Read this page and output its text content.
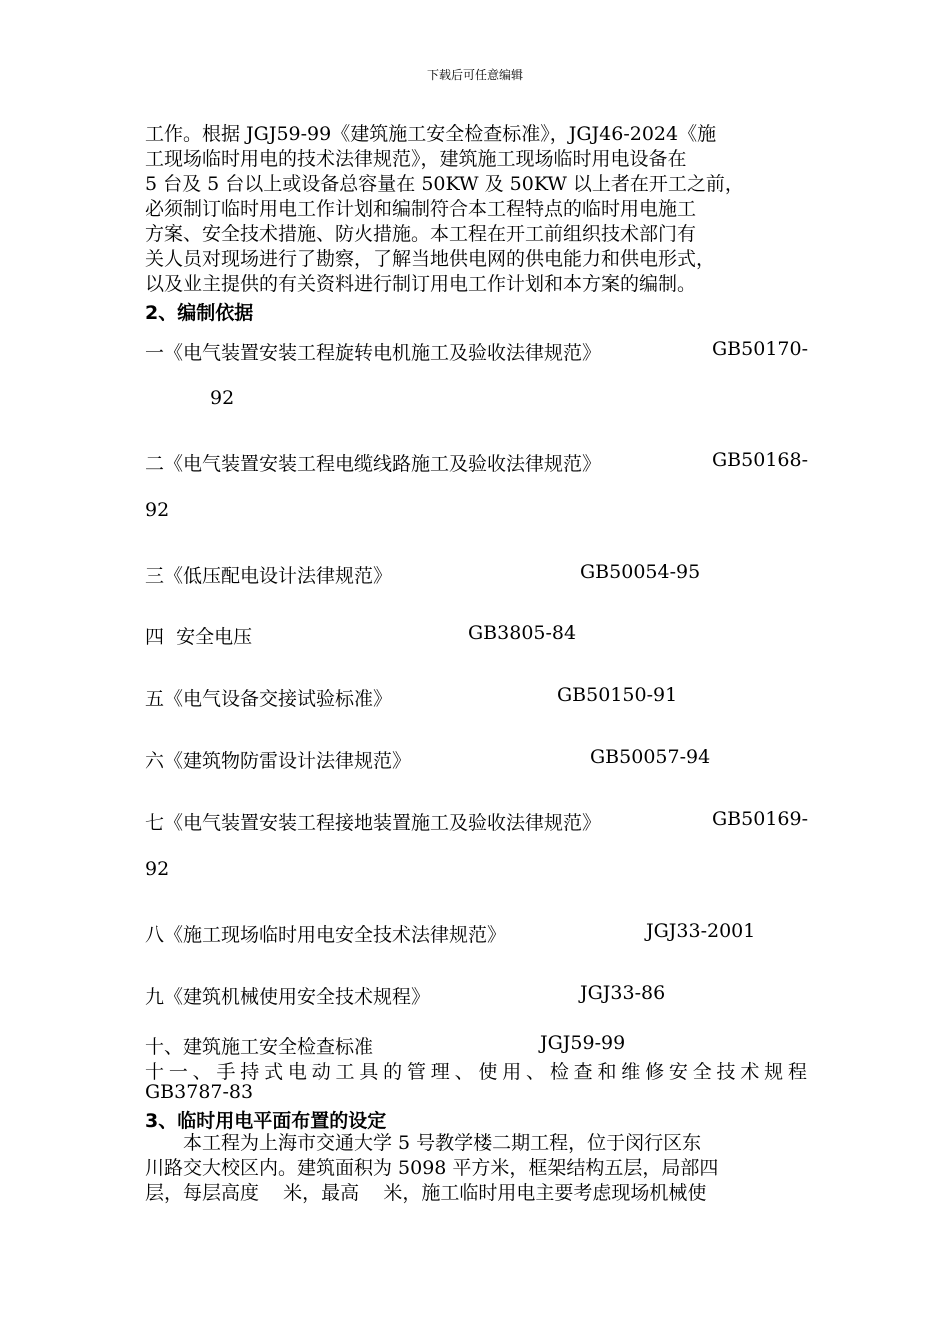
下载后可任意编辑

工作。根据 JGJ59-99《建筑施工安全检查标准》，JGJ46-2024《施
工现场临时用电的技术法律规范》，建筑施工现场临时用电设备在
5 台及 5 台以上或设备总容量在 50KW 及 50KW 以上者在开工之前，
必须制订临时用电工作计划和编制符合本工程特点的临时用电施工
方案、安全技术措施、防火措施。本工程在开工前组织技术部门有
关人员对现场进行了勘察，了解当地供电网的供电能力和供电形式，
以及业主提供的有关资料进行制订用电工作计划和本方案的编制。

2、编制依据
一《电气装置安装工程旋转电机施工及验收法律规范》	GB50170-
92
二《电气装置安装工程电缆线路施工及验收法律规范》	GB50168-
92
三《低压配电设计法律规范》	GB50054-95
四  安全电压	GB3805-84
五《电气设备交接试验标准》	GB50150-91
六《建筑物防雷设计法律规范》	GB50057-94
七《电气装置安装工程接地装置施工及验收法律规范》	GB50169-
92
八《施工现场临时用电安全技术法律规范》	JGJ33-2001
九《建筑机械使用安全技术规程》	JGJ33-86
十、建筑施工安全检查标准	JGJ59-99
十一、手持式电动工具的管理、使用、检查和维修安全技术规程
GB3787-83
3、临时用电平面布置的设定
本工程为上海市交通大学 5 号教学楼二期工程，位于闵行区东
川路交大校区内。建筑面积为 5098 平方米，框架结构五层，局部四
层，每层高度    米，最高    米，施工临时用电主要考虑现场机械使
